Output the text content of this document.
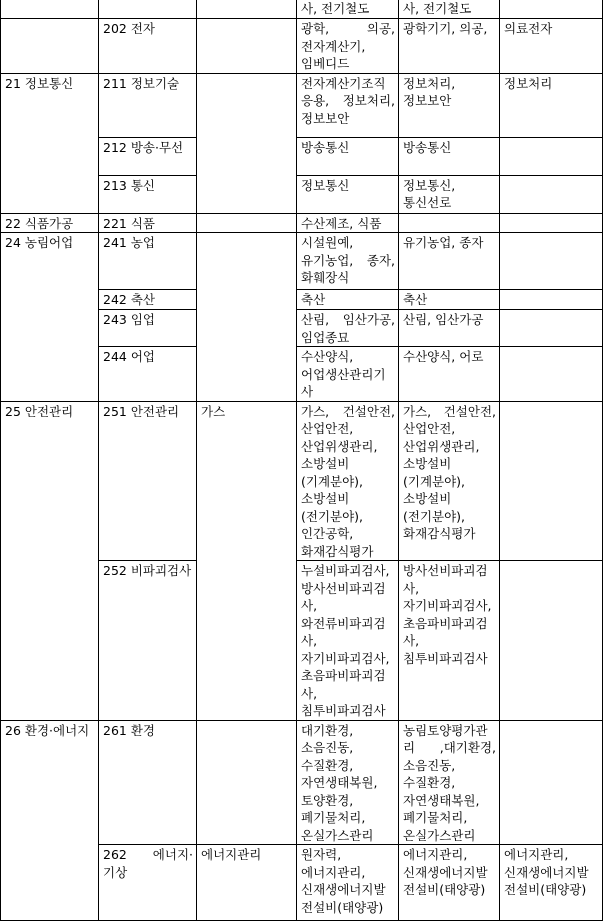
			사, 전기철도	사, 전기철도	
	202 전자		광학, 의공, 전자계산기, 임베디드	광학기기, 의공,	의료전자
21 정보통신	211 정보기술		전자계산기조직응용, 정보처리, 정보보안	정보처리, 정보보안	정보처리
	212 방송·무선		방송통신	방송통신	
	213 통신		정보통신	정보통신, 통신선로	
22 식품가공	221 식품		수산제조, 식품		
24 농림어업	241 농업		시설원예, 유기농업, 종자, 화훼장식	유기농업, 종자	
	242 축산		축산	축산	
	243 임업		산림, 임산가공, 임업종묘	산림, 임산가공	
	244 어업		수산양식, 어업생산관리기사	수산양식, 어로	
25 안전관리	251 안전관리	가스	가스, 건설안전, 산업안전, 산업위생관리, 소방설비(기계분야), 소방설비(전기분야), 인간공학, 화재감식평가	가스, 건설안전, 산업안전, 산업위생관리, 소방설비(기계분야), 소방설비(전기분야), 화재감식평가	
	252 비파괴검사		누설비파괴검사, 방사선비파괴검사, 와전류비파괴검사, 자기비파괴검사, 초음파비파괴검사, 침투비파괴검사	방사선비파괴검사, 자기비파괴검사, 초음파비파괴검사, 침투비파괴검사	
26 환경·에너지	261 환경		대기환경, 소음진동, 수질환경, 자연생태복원, 토양환경, 폐기물처리, 온실가스관리	농림토양평가관리 ,대기환경, 소음진동, 수질환경, 자연생태복원, 폐기물처리, 온실가스관리	
	262 에너지·기상	에너지관리	원자력, 에너지관리, 신재생에너지발전설비(태양광)	에너지관리, 신재생에너지발전설비(태양광)	에너지관리, 신재생에너지발전설비(태양광)
